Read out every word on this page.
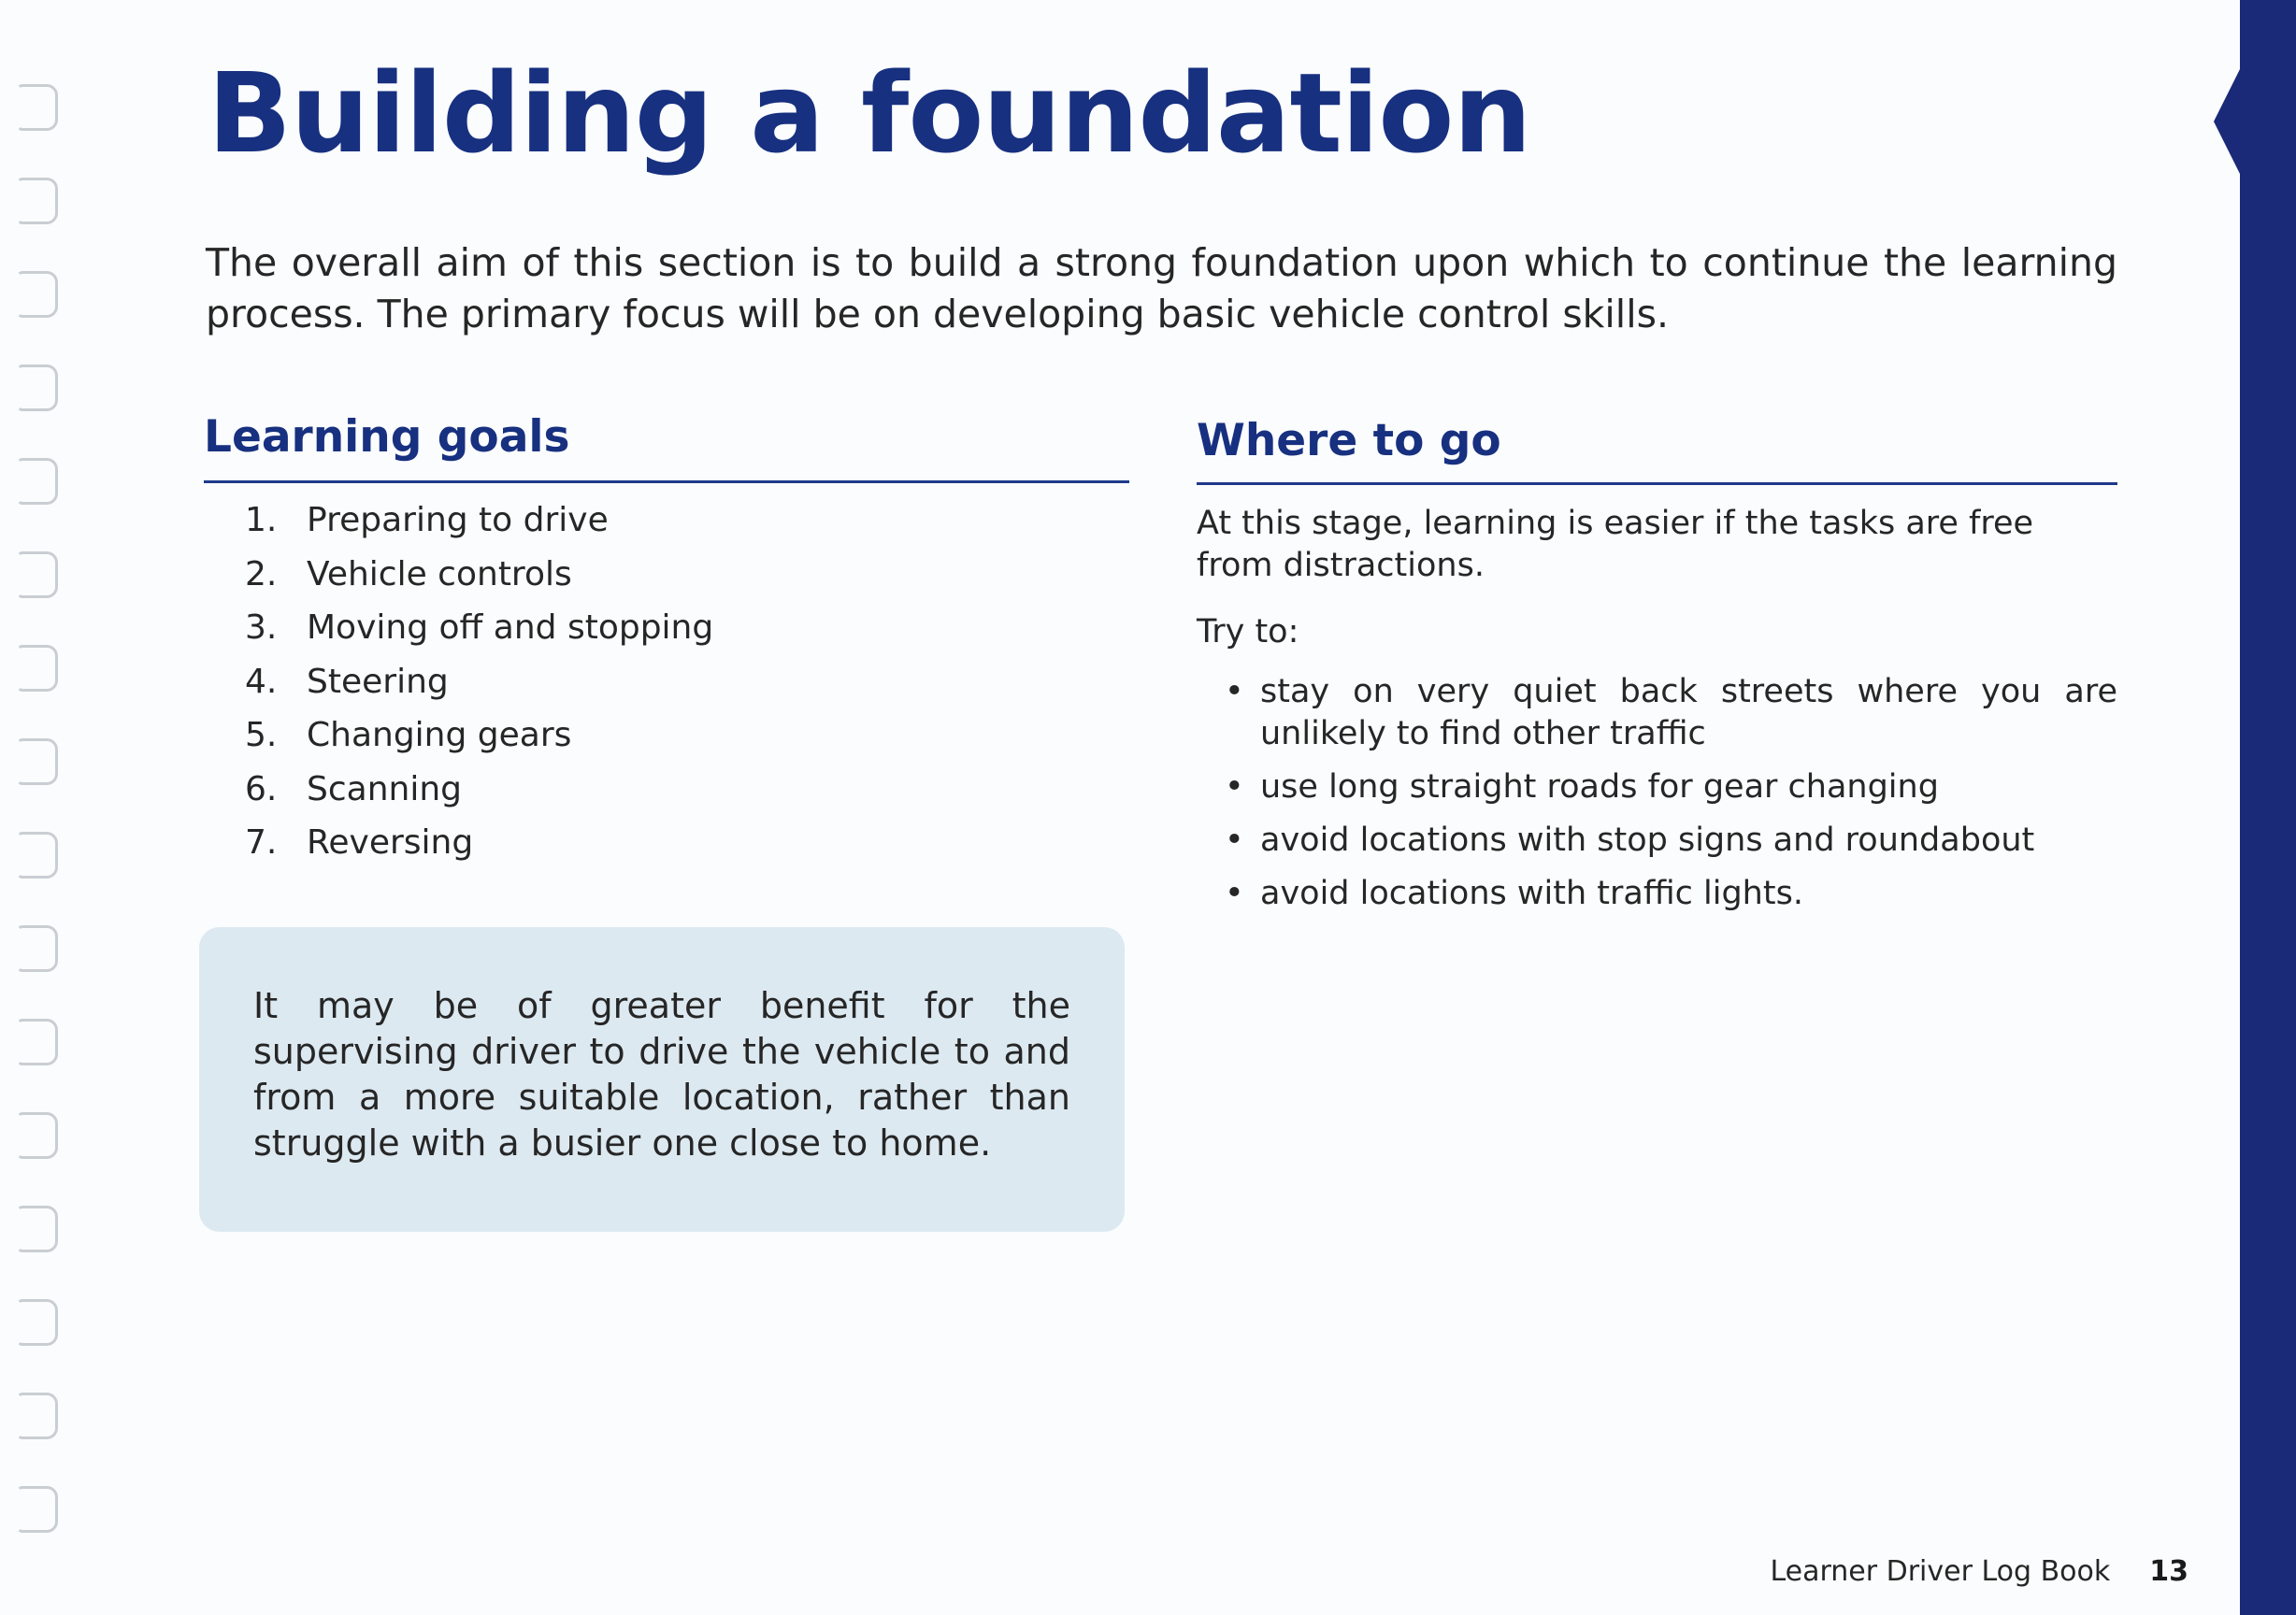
Building a foundation

The overall aim of this section is to build a strong foundation upon which to continue the learning process. The primary focus will be on developing basic vehicle control skills.

Learning goals
1. Preparing to drive
2. Vehicle controls
3. Moving off and stopping
4. Steering
5. Changing gears
6. Scanning
7. Reversing

It may be of greater benefit for the supervising driver to drive the vehicle to and from a more suitable location, rather than struggle with a busier one close to home.

Where to go

At this stage, learning is easier if the tasks are free from distractions.

Try to:

• stay on very quiet back streets where you are unlikely to find other traffic
• use long straight roads for gear changing
• avoid locations with stop signs and roundabout
• avoid locations with traffic lights.
Learner Driver Log Book 13
